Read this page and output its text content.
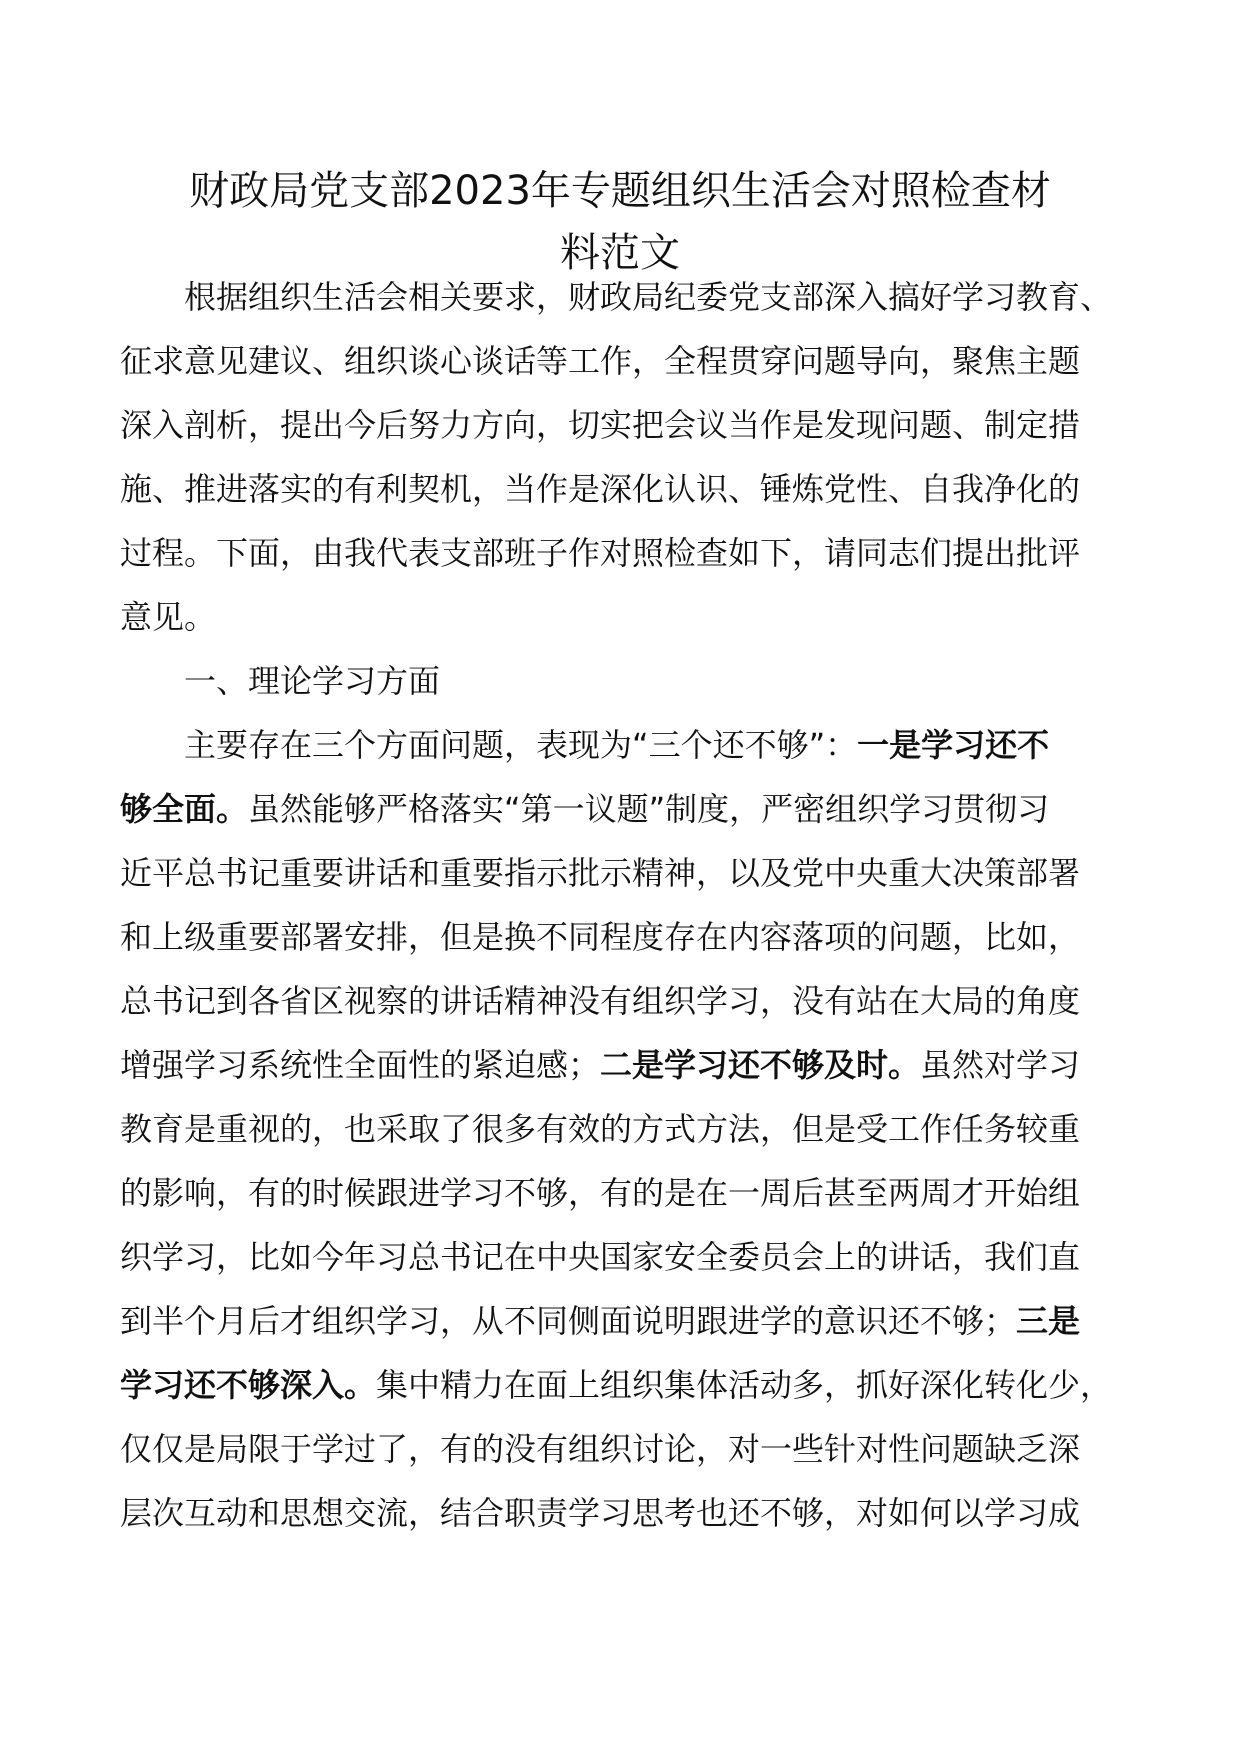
财政局党支部2023年专题组织生活会对照检查材
料范文

根据组织生活会相关要求，财政局纪委党支部深入搞好学习教育、
征求意见建议、组织谈心谈话等工作，全程贯穿问题导向，聚焦主题
深入剖析，提出今后努力方向，切实把会议当作是发现问题、制定措
施、推进落实的有利契机，当作是深化认识、锤炼党性、自我净化的
过程。下面，由我代表支部班子作对照检查如下，请同志们提出批评
意见。

一、理论学习方面

主要存在三个方面问题，表现为“三个还不够”：一是学习还不
够全面。虽然能够严格落实“第一议题”制度，严密组织学习贯彻习
近平总书记重要讲话和重要指示批示精神，以及党中央重大决策部署
和上级重要部署安排，但是换不同程度存在内容落项的问题，比如，
总书记到各省区视察的讲话精神没有组织学习，没有站在大局的角度
增强学习系统性全面性的紧迫感；二是学习还不够及时。虽然对学习
教育是重视的，也采取了很多有效的方式方法，但是受工作任务较重
的影响，有的时候跟进学习不够，有的是在一周后甚至两周才开始组
织学习，比如今年习总书记在中央国家安全委员会上的讲话，我们直
到半个月后才组织学习，从不同侧面说明跟进学的意识还不够；三是
学习还不够深入。集中精力在面上组织集体活动多，抓好深化转化少，
仅仅是局限于学过了，有的没有组织讨论，对一些针对性问题缺乏深
层次互动和思想交流，结合职责学习思考也还不够，对如何以学习成
